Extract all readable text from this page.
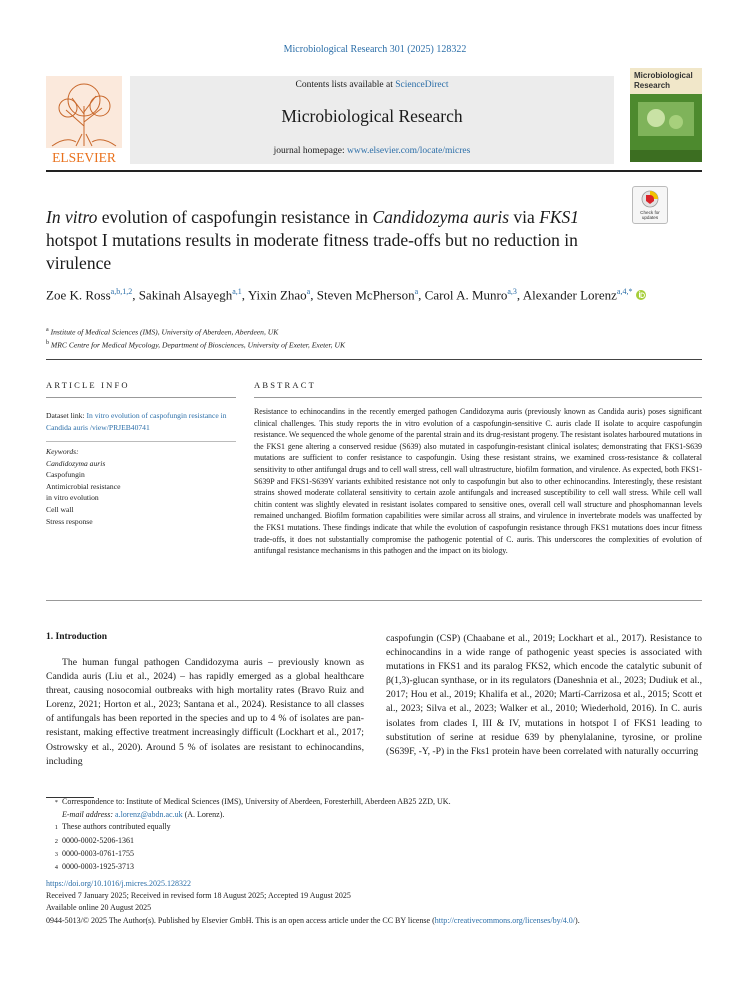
Microbiological Research 301 (2025) 128322
ELSEVIER
Contents lists available at ScienceDirect
Microbiological Research
journal homepage: www.elsevier.com/locate/micres
Microbiological
Research
Check for
updates
In vitro evolution of caspofungin resistance in Candidozyma auris via FKS1 hotspot I mutations results in moderate fitness trade-offs but no reduction in virulence
Zoe K. Ross$^{a,b,1,2}$, Sakinah Alsayegh$^{a,1}$, Yixin Zhao$^a$, Steven McPherson$^a$, Carol A. Munro$^{a,3}$, Alexander Lorenz$^{a,4,*}$
$^a$ Institute of Medical Sciences (IMS), University of Aberdeen, Aberdeen, UK
$^b$ MRC Centre for Medical Mycology, Department of Biosciences, University of Exeter, Exeter, UK
ARTICLE INFO	ABSTRACT
Dataset link: In vitro evolution of caspofungin resistance in Candida auris /view/PRJEB40741
Keywords:
Candidozyma auris
Caspofungin
Antimicrobial resistance
in vitro evolution
Cell wall
Stress response
Resistance to echinocandins in the recently emerged pathogen Candidozyma auris (previously known as Candida auris) poses significant clinical challenges. This study reports the in vitro evolution of a caspofungin-sensitive C. auris clade II isolate to acquire caspofungin resistance. We sequenced the whole genome of the parental strain and its drug-resistant progeny. The resistant isolates harboured mutations in the FKS1 gene altering a conserved residue (S639) also mutated in caspofungin-resistant clinical isolates; demonstrating that FKS1-S639 mutations are sufficient to confer resistance to caspofungin. Using these resistant strains, we examined cross-resistance & collateral sensitivity to other antifungal drugs and to cell wall stress, cell wall ultrastructure, biofilm formation, and virulence. As expected, both FKS1-S639P and FKS1-S639Y variants exhibited resistance not only to caspofungin but also to other echinocandins. Interestingly, these resistant strains showed moderate collateral sensitivity to certain azole antifungals and increased susceptibility to cell wall stress. While cell wall chitin content was slightly elevated in resistant isolates compared to sensitive ones, overall cell wall structure and phosphomannan levels remained unchanged. Biofilm formation capabilities were similar across all strains, and virulence in invertebrate models was unaffected by the FKS1 mutations. These findings indicate that while the evolution of caspofungin resistance through FKS1 mutations does incur fitness trade-offs, it does not substantially compromise the pathogenic potential of C. auris. This underscores the complexities of evolution of antifungal resistance mechanisms in this pathogen and the impact on its biology.
1. Introduction
The human fungal pathogen Candidozyma auris – previously known as Candida auris (Liu et al., 2024) – has rapidly emerged as a global healthcare threat, causing nosocomial outbreaks with high mortality rates (Bravo Ruiz and Lorenz, 2021; Horton et al., 2023; Santana et al., 2024). Resistance to all classes of antifungals has been reported in the species and up to 4 % of isolates are pan-resistant, making effective treatment increasingly difficult (Lockhart et al., 2017; Ostrowsky et al., 2020). Around 5 % of isolates are resistant to echinocandins, including
caspofungin (CSP) (Chaabane et al., 2019; Lockhart et al., 2017). Resistance to echinocandins in a wide range of pathogenic yeast species is associated with mutations in FKS1 and its paralog FKS2, which encode the catalytic subunit of β(1,3)-glucan synthase, or in its regulators (Daneshnia et al., 2023; Dudiuk et al., 2017; Hou et al., 2019; Khalifa et al., 2020; Martí-Carrizosa et al., 2015; Scott et al., 2023; Silva et al., 2023; Walker et al., 2010; Wiederhold, 2016). In C. auris isolates from clades I, III & IV, mutations in hotspot I of FKS1 leading to substitution of serine at residue 639 by phenylalanine, tyrosine, or proline (S639F, -Y, -P) in the Fks1 protein have been correlated with naturally occurring
* Correspondence to: Institute of Medical Sciences (IMS), University of Aberdeen, Foresterhill, Aberdeen AB25 2ZD, UK.
E-mail address: a.lorenz@abdn.ac.uk (A. Lorenz).
1 These authors contributed equally
2 0000-0002-5206-1361
3 0000-0003-0761-1755
4 0000-0003-1925-3713
https://doi.org/10.1016/j.micres.2025.128322
Received 7 January 2025; Received in revised form 18 August 2025; Accepted 19 August 2025
Available online 20 August 2025
0944-5013/© 2025 The Author(s). Published by Elsevier GmbH. This is an open access article under the CC BY license (http://creativecommons.org/licenses/by/4.0/).
